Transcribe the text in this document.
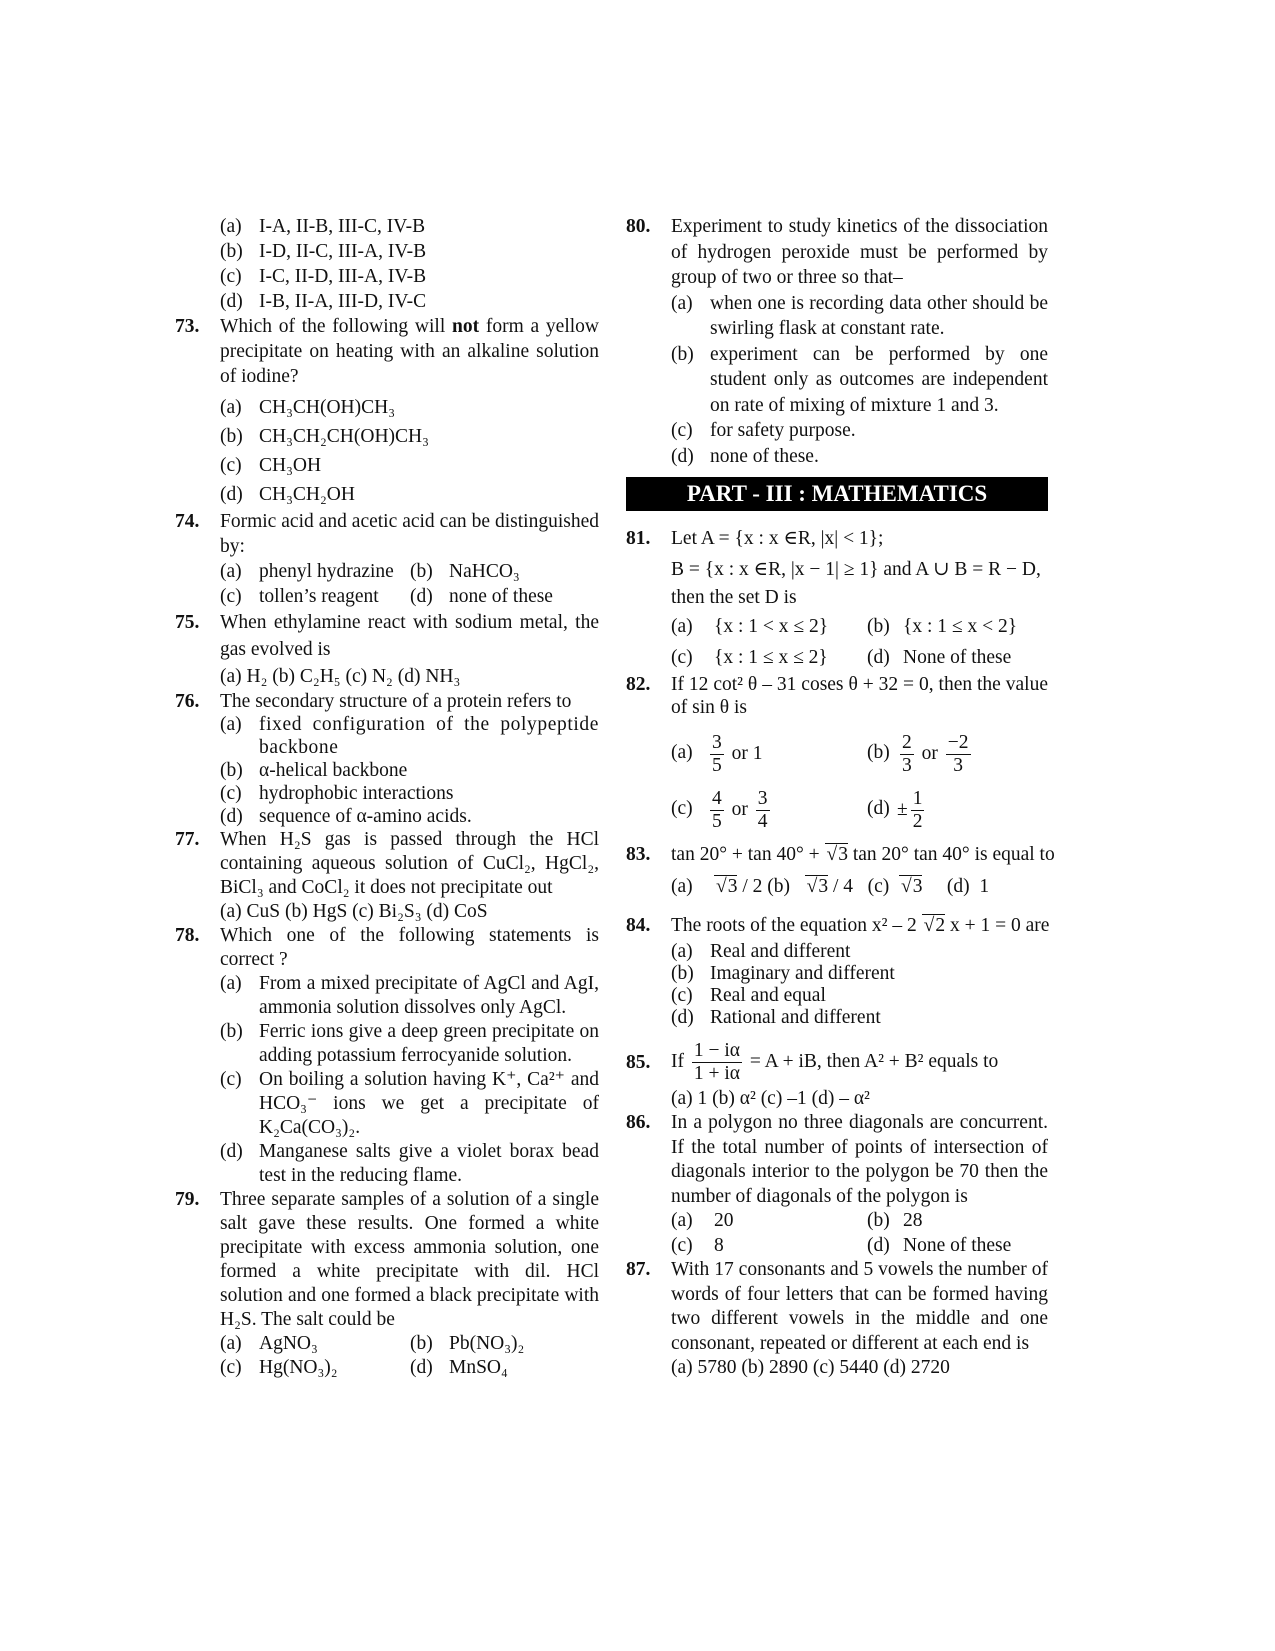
(a) I-A, II-B, III-C, IV-B
(b) I-D, II-C, III-A, IV-B
(c) I-C, II-D, III-A, IV-B
(d) I-B, II-A, III-D, IV-C
73.	Which of the following will not form a yellow precipitate on heating with an alkaline solution of iodine?
(a) CH₃CH(OH)CH₃
(b) CH₃CH₂CH(OH)CH₃
(c) CH₃OH
(d) CH₃CH₂OH
74.	Formic acid and acetic acid can be distinguished by:
(a) phenyl hydrazine (b) NaHCO₃
(c) tollen’s reagent	(d) none of these
75.	When ethylamine react with sodium metal, the gas evolved is
(a) H₂ (b) C₂H₅ (c) N₂ (d) NH₃
76.	The secondary structure of a protein refers to
(a) fixed configuration of the polypeptide backbone
(b) α-helical backbone
(c) hydrophobic interactions
(d) sequence of α-amino acids.
77.	When H₂S gas is passed through the HCl containing aqueous solution of CuCl₂, HgCl₂, BiCl₃ and CoCl₂ it does not precipitate out
(a) CuS (b) HgS (c) Bi₂S₃ (d) CoS
78.	Which one of the following statements is correct ?
(a) From a mixed precipitate of AgCl and AgI, ammonia solution dissolves only AgCl.
(b) Ferric ions give a deep green precipitate on adding potassium ferrocyanide solution.
(c) On boiling a solution having K⁺, Ca²⁺ and HCO₃⁻ ions we get a precipitate of K₂Ca(CO₃)₂.
(d) Manganese salts give a violet borax bead test in the reducing flame.
79.	Three separate samples of a solution of a single salt gave these results. One formed a white precipitate with excess ammonia solution, one formed a white precipitate with dil. HCl solution and one formed a black precipitate with H₂S. The salt could be
(a) AgNO₃	(b) Pb(NO₃)₂
(c) Hg(NO₃)₂	(d) MnSO₄
80.	Experiment to study kinetics of the dissociation of hydrogen peroxide must be performed by group of two or three so that–
(a) when one is recording data other should be swirling flask at constant rate.
(b) experiment can be performed by one student only as outcomes are independent on rate of mixing of mixture 1 and 3.
(c) for safety purpose.
(d) none of these.
PART - III : MATHEMATICS
81.	Let A = {x : x ∈R, |x| < 1};
B = {x : x ∈R, |x − 1| ≥ 1} and A ∪ B = R − D,
then the set D is
(a) {x : 1 < x ≤ 2}	(b) {x : 1 ≤ x < 2}
(c) {x : 1 ≤ x ≤ 2}	(d) None of these
82.	If 12 cot² θ – 31 coses θ + 32 = 0, then the value of sin θ is
$(a) \frac{3}{5}$ or 1	$(b) \frac{2}{3}$ or $\frac{-2}{3}$
$(c) \frac{4}{5}$ or $\frac{3}{4}$	$(d) \pm \frac{1}{2}$
83.	tan 20° + tan 40° + √ 3 tan 20° tan 40° is equal to
(a) √ 3 / 2 (b) √ 3 / 4 (c) √ 3 (d) 1
84.	The roots of the equation x² – 2 √ 2 x + 1 = 0 are
(a) Real and different
(b) Imaginary and different
(c) Real and equal
(d) Rational and different
85.	If $\frac{1 - i\alpha}{1 + i\alpha} = A$ + iB, then A² + B² equals to
(a) 1 (b) α² (c) –1 (d) – α²
86.	In a polygon no three diagonals are concurrent. If the total number of points of intersection of diagonals interior to the polygon be 70 then the number of diagonals of the polygon is
(a) 20	(b) 28
(c) 8	(d) None of these
87.	With 17 consonants and 5 vowels the number of words of four letters that can be formed having two different vowels in the middle and one consonant, repeated or different at each end is
(a) 5780 (b) 2890 (c) 5440 (d) 2720
